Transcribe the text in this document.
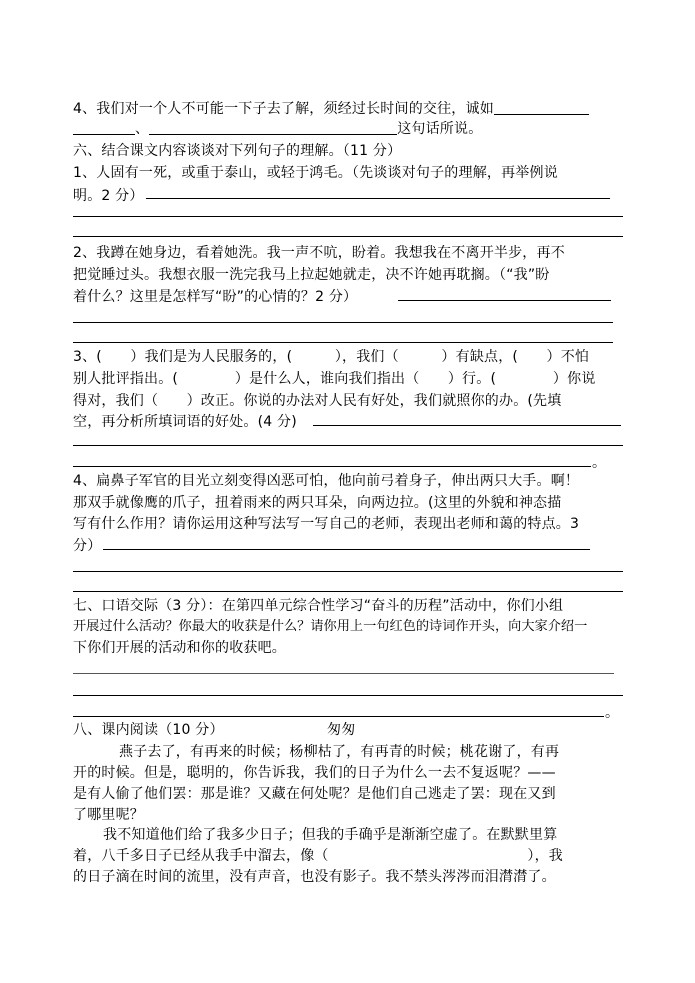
4、我们对一个人不可能一下子去了解，须经过长时间的交往，诚如
、	这句话所说。
六、结合课文内容谈谈对下列句子的理解。（11 分）
1、人固有一死，或重于泰山，或轻于鸿毛。（先谈谈对句子的理解，再举例说
明。2 分）
2、我蹲在她身边，看着她洗。我一声不吭，盼着。我想我在不离开半步，再不
把觉睡过头。我想衣服一洗完我马上拉起她就走，决不许她再耽搁。（“我”盼
着什么？这里是怎样写“盼”的心情的？2 分）
3、(　　）我们是为人民服务的，(　　　），我们（　　　）有缺点，(　　）不怕
别人批评指出。(　　　　）是什么人，谁向我们指出（　　）行。(　　　　）你说
得对，我们（　　）改正。你说的办法对人民有好处，我们就照你的办。(先填
空，再分析所填词语的好处。(4 分)
。
4、扁鼻子军官的目光立刻变得凶恶可怕，他向前弓着身子，伸出两只大手。啊！
那双手就像鹰的爪子，扭着雨来的两只耳朵，向两边拉。(这里的外貌和神态描
写有什么作用？请你运用这种写法写一写自己的老师，表现出老师和蔼的特点。3
分）
七、口语交际（3 分）：在第四单元综合性学习“奋斗的历程”活动中，你们小组
开展过什么活动？你最大的收获是什么？请你用上一句红色的诗词作开头，向大家介绍一
下你们开展的活动和你的收获吧。
。
八、课内阅读（10 分）	匆匆
燕子去了，有再来的时候；杨柳枯了，有再青的时候；桃花谢了，有再
开的时候。但是，聪明的，你告诉我，我们的日子为什么一去不复返呢？——
是有人偷了他们罢：那是谁？又藏在何处呢？是他们自己逃走了罢：现在又到
了哪里呢？
我不知道他们给了我多少日子；但我的手确乎是渐渐空虚了。在默默里算
着，八千多日子已经从我手中溜去，像（　　　　　　　　　　　　　　），我
的日子滴在时间的流里，没有声音，也没有影子。我不禁头涔涔而泪潸潸了。
